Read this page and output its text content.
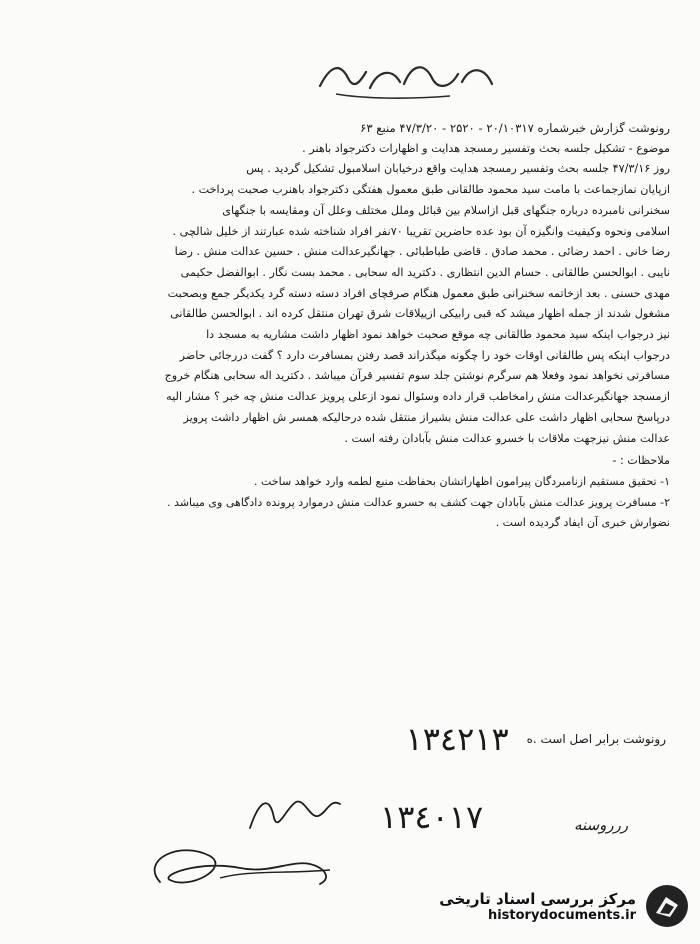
خیلی محرمانه

رونوشت گزارش خبرشماره ۲۰/۱۰۳۱۷ - ۲۵۲۰ - ۴۷/۳/۲۰ منبع ۶۳

موضوع - تشکیل جلسه بحث وتفسیر رمسجد هدایت و اظهارات دکترجواد باهنر .

روز ۴۷/۳/۱۶ جلسه بحث وتفسیر رمسجد هدایت واقع درخیابان اسلامبول تشکیل گردید . پس

ازپایان نمازجماعت با مامت سید محمود طالقانی طبق معمول هفتگی دکترجواد باهنرب صحبت پرداخت .

سخنرانی نامبرده درباره جنگهای قبل ازاسلام بین قبائل وملل مختلف وعلل آن ومقایسه با جنگهای

اسلامی ونحوه وکیفیت وانگیزه آن بود عده حاضرین تقریبا ۷۰نفر افراد شناخته شده عبارتند از خلیل شالچی .

رضا خانی . احمد رضائی . محمد صادق . قاضی طباطبائی . جهانگیرعدالت منش . حسین عدالت منش . رضا

نایبی . ابوالحسن طالقانی . حسام الدین انتظاری . دکترید اله سحابی . محمد بست نگار . ابوالفضل حکیمی

مهدی حسنی . بعد ازخاتمه سخنرانی طبق معمول هنگام صرفچای افراد دسته دسته گرد یکدیگر جمع وبصحبت

مشغول شدند از جمله اظهار میشد که قبی رابیکی ازییلاقات شرق تهران منتقل کرده اند . ابوالحسن طالقانی

نیز درجواب اینکه سید محمود طالقانی چه موقع صحبت خواهد نمود اظهار داشت مشاریه به مسجد دا

درجواب اینکه پس طالقانی اوقات خود را چگونه میگذراند قصد رفتن بمسافرت دارد ؟ گفت دررجائی حاضر

مسافرتی نخواهد نمود وفعلا هم سرگرم نوشتن جلد سوم تفسیر قرآن میباشد . دکترید اله سحابی هنگام خروج

ازمسجد جهانگیرعدالت منش رامخاطب قرار داده وسئوال نمود ازعلی پرویز عدالت منش چه خبر ؟ مشار الیه

درپاسخ سحابی اظهار داشت علی عدالت منش بشیراز منتقل شده درحالیکه همسر ش اظهار داشت پرویز

عدالت منش نیزجهت ملاقات با خسرو عدالت منش بآبادان رفته است .

ملاحظات : -

۱- تحقیق مستقیم ازنامبردگان پیرامون اظهاراتشان بحفاظت منبع لطمه وارد خواهد ساخت .

۲- مسافرت پرویز عدالت منش بآبادان جهت کشف به حسرو عدالت منش درموارد پرونده دادگاهی وی میباشد .

نضوارش خبری آن ایفاد گردیده است .

رونوشت برابر اصل است .ه
١٣٤٢١٣
ررروسنه
١٣٤٠١٧
مرکز بررسی اسناد تاریخی
historydocuments.ir
